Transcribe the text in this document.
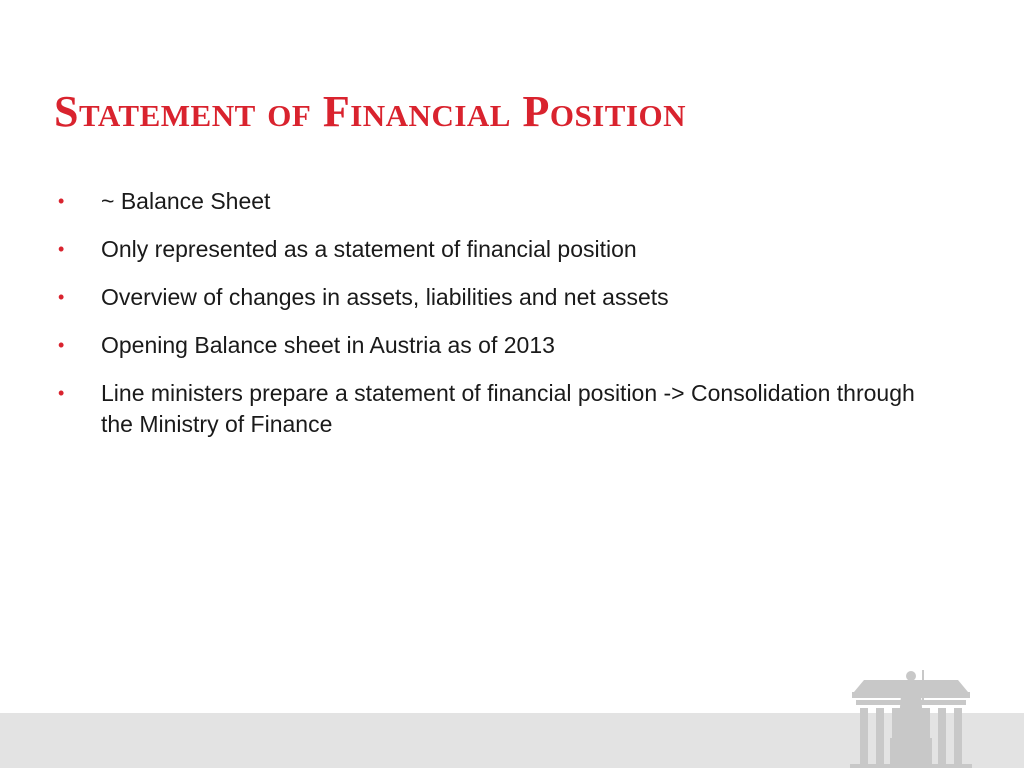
Statement of Financial Position
• ~ Balance Sheet
• Only represented as a statement of financial position
• Overview of changes in assets, liabilities and net assets
• Opening Balance sheet in Austria as of 2013
• Line ministers prepare a statement of financial position -> Consolidation through the Ministry of Finance
